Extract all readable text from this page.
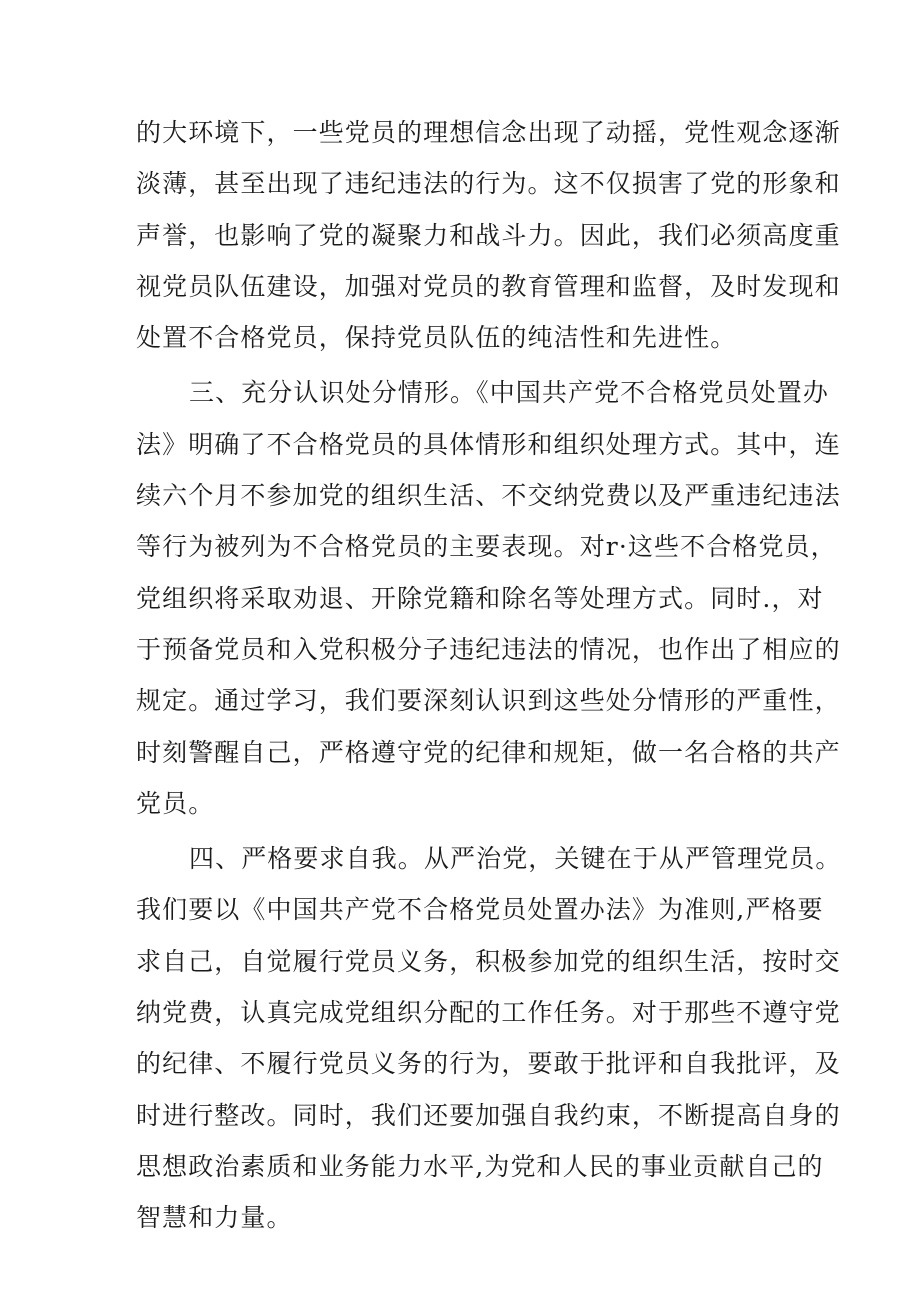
的大环境下，一些党员的理想信念出现了动摇，党性观念逐渐
淡薄，甚至出现了违纪违法的行为。这不仅损害了党的形象和
声誉，也影响了党的凝聚力和战斗力。因此，我们必须高度重
视党员队伍建设，加强对党员的教育管理和监督，及时发现和
处置不合格党员，保持党员队伍的纯洁性和先进性。
三、充分认识处分情形。《中国共产党不合格党员处置办
法》明确了不合格党员的具体情形和组织处理方式。其中，连
续六个月不参加党的组织生活、不交纳党费以及严重违纪违法
等行为被列为不合格党员的主要表现。对r·这些不合格党员，
党组织将采取劝退、开除党籍和除名等处理方式。同时.，对
于预备党员和入党积极分子违纪违法的情况，也作出了相应的
规定。通过学习，我们要深刻认识到这些处分情形的严重性，
时刻警醒自己，严格遵守党的纪律和规矩，做一名合格的共产
党员。
四、严格要求自我。从严治党，关键在于从严管理党员。
我们要以《中国共产党不合格党员处置办法》为准则,严格要
求自己，自觉履行党员义务，积极参加党的组织生活，按时交
纳党费，认真完成党组织分配的工作任务。对于那些不遵守党
的纪律、不履行党员义务的行为，要敢于批评和自我批评，及
时进行整改。同时，我们还要加强自我约束，不断提高自身的
思想政治素质和业务能力水平,为党和人民的事业贡献自己的
智慧和力量。
